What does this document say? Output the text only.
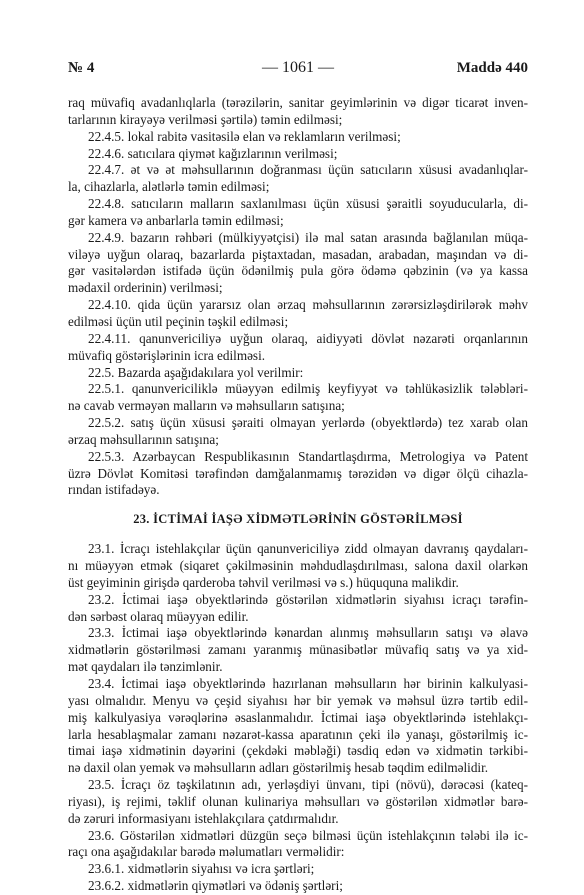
— 1061 —
№ 4	Maddə 440
raq müvafiq avadanlıqlarla (tərəzilərin, sanitar geyimlərinin və digər ticarət inven-
tarlarının kirayəyə verilməsi şərtilə) təmin edilməsi;
22.4.5. lokal rabitə vasitəsilə elan və reklamların verilməsi;
22.4.6. satıcılara qiymət kağızlarının verilməsi;
22.4.7. ət və ət məhsullarının doğranması üçün satıcıların xüsusi avadanlıqlar-
la, cihazlarla, alətlərlə təmin edilməsi;
22.4.8. satıcıların malların saxlanılması üçün xüsusi şəraitli soyuducularla, di-
gər kamera və anbarlarla təmin edilməsi;
22.4.9. bazarın rəhbəri (mülkiyyətçisi) ilə mal satan arasında bağlanılan müqa-
viləyə uyğun olaraq, bazarlarda piştaxtadan, masadan, arabadan, maşından və di-
gər vasitələrdən istifadə üçün ödənilmiş pula görə ödəmə qəbzinin (və ya kassa
mədaxil orderinin) verilməsi;
22.4.10. qida üçün yararsız olan ərzaq məhsullarının zərərsizləşdirilərək məhv
edilməsi üçün util peçinin təşkil edilməsi;
22.4.11. qanunvericiliyə uyğun olaraq, aidiyyəti dövlət nəzarəti orqanlarının
müvafiq göstərişlərinin icra edilməsi.
22.5. Bazarda aşağıdakılara yol verilmir:
22.5.1. qanunvericiliklə müəyyən edilmiş keyfiyyət və təhlükəsizlik tələbləri-
nə cavab verməyən malların və məhsulların satışına;
22.5.2. satış üçün xüsusi şəraiti olmayan yerlərdə (obyektlərdə) tez xarab olan
ərzaq məhsullarının satışına;
22.5.3. Azərbaycan Respublikasının Standartlaşdırma, Metrologiya və Patent
üzrə Dövlət Komitəsi tərəfindən damğalanmamış tərəzidən və digər ölçü cihazla-
rından istifadəyə.
23. İCTİMAİ İAŞƏ XİDMƏTLƏRİNİN GÖSTƏRİLMƏSİ
23.1. İcraçı istehlakçılar üçün qanunvericiliyə zidd olmayan davranış qaydaları-
nı müəyyən etmək (siqaret çəkilməsinin məhdudlaşdırılması, salona daxil olarkən
üst geyiminin girişdə qarderoba təhvil verilməsi və s.) hüququna malikdir.
23.2. İctimai iaşə obyektlərində göstərilən xidmətlərin siyahısı icraçı tərəfin-
dən sərbəst olaraq müəyyən edilir.
23.3. İctimai iaşə obyektlərində kənardan alınmış məhsulların satışı və əlavə
xidmətlərin göstərilməsi zamanı yaranmış münasibətlər müvafiq satış və ya xid-
mət qaydaları ilə tənzimlənir.
23.4. İctimai iaşə obyektlərində hazırlanan məhsulların hər birinin kalkulyasi-
yası olmalıdır. Menyu və çeşid siyahısı hər bir yemək və məhsul üzrə tərtib edil-
miş kalkulyasiya vərəqlərinə əsaslanmalıdır. İctimai iaşə obyektlərində istehlakçı-
larla hesablaşmalar zamanı nəzarət-kassa aparatının çeki ilə yanaşı, göstərilmiş ic-
timai iaşə xidmətinin dəyərini (çekdəki məbləği) təsdiq edən və xidmətin tərkibi-
nə daxil olan yemək və məhsulların adları göstərilmiş hesab təqdim edilməlidir.
23.5. İcraçı öz təşkilatının adı, yerləşdiyi ünvanı, tipi (növü), dərəcəsi (kateq-
riyası), iş rejimi, təklif olunan kulinariya məhsulları və göstərilən xidmətlər barə-
də zəruri informasiyanı istehlakçılara çatdırmalıdır.
23.6. Göstərilən xidmətləri düzgün seçə bilməsi üçün istehlakçının tələbi ilə ic-
raçı ona aşağıdakılar barədə məlumatları verməlidir:
23.6.1. xidmətlərin siyahısı və icra şərtləri;
23.6.2. xidmətlərin qiymətləri və ödəniş şərtləri;
